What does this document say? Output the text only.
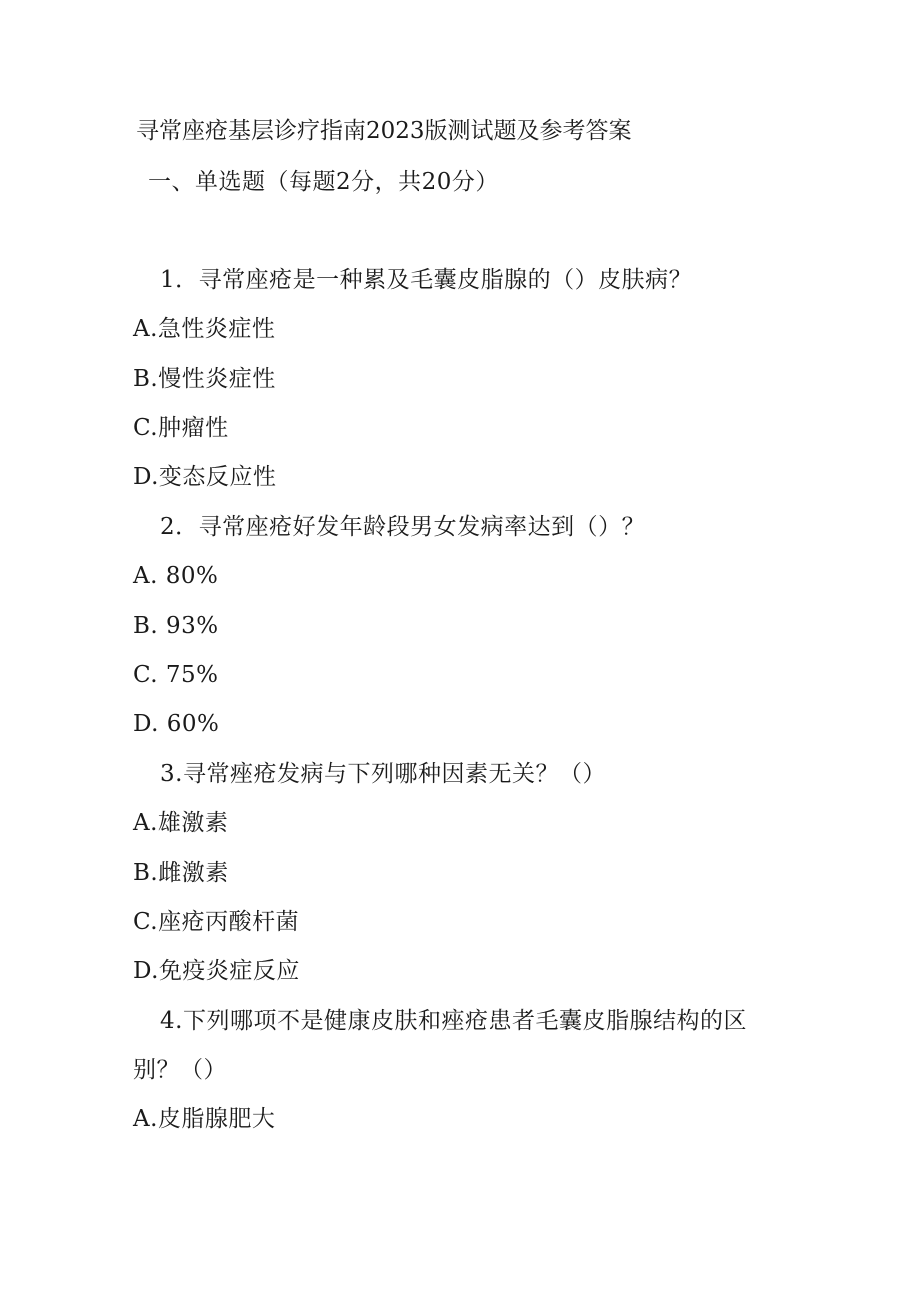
寻常座疮基层诊疗指南2023版测试题及参考答案
一、单选题（每题2分，共20分）
1．寻常座疮是一种累及毛囊皮脂腺的（）皮肤病？
A.急性炎症性
B.慢性炎症性
C.肿瘤性
D.变态反应性
2．寻常座疮好发年龄段男女发病率达到（）？
A. 80%
B. 93%
C. 75%
D. 60%
3.寻常痤疮发病与下列哪种因素无关？（）
A.雄激素
B.雌激素
C.座疮丙酸杆菌
D.免疫炎症反应
4.下列哪项不是健康皮肤和痤疮患者毛囊皮脂腺结构的区
别？（）
A.皮脂腺肥大
